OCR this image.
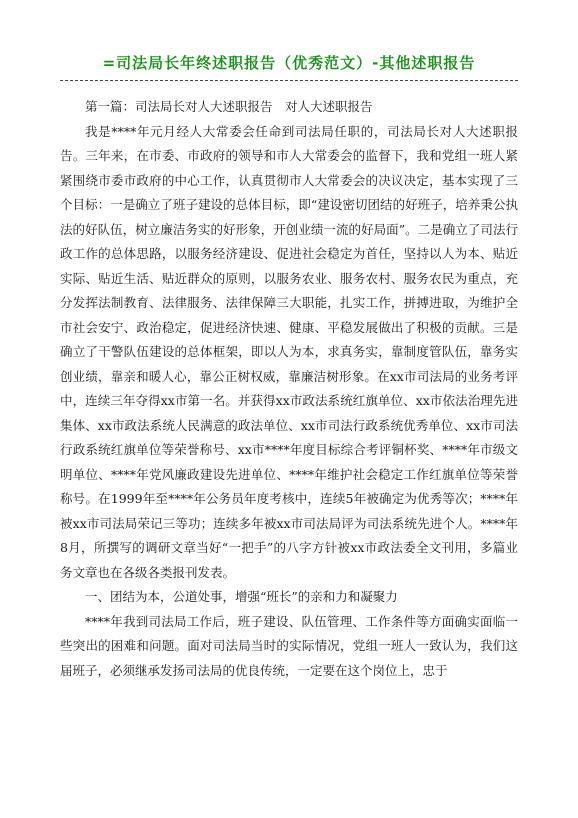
=司法局长年终述职报告（优秀范文）-其他述职报告

第一篇：司法局长对人大述职报告　对人大述职报告

我是****年元月经人大常委会任命到司法局任职的，司法局长对人大述职报告。三年来，在市委、市政府的领导和市人大常委会的监督下，我和党组一班人紧紧围绕市委市政府的中心工作，认真贯彻市人大常委会的决议决定，基本实现了三个目标：一是确立了班子建设的总体目标，即“建设密切团结的好班子，培养秉公执法的好队伍，树立廉洁务实的好形象，开创业绩一流的好局面”。二是确立了司法行政工作的总体思路，以服务经济建设、促进社会稳定为首任，坚持以人为本、贴近实际、贴近生活、贴近群众的原则，以服务农业、服务农村、服务农民为重点，充分发挥法制教育、法律服务、法律保障三大职能，扎实工作，拼搏进取，为维护全市社会安宁、政治稳定，促进经济快速、健康、平稳发展做出了积极的贡献。三是确立了干警队伍建设的总体框架，即以人为本，求真务实，靠制度管队伍，靠务实创业绩，靠亲和暖人心，靠公正树权威，靠廉洁树形象。在xx市司法局的业务考评中，连续三年夺得xx市第一名。并获得xx市政法系统红旗单位、xx市依法治理先进集体、xx市政法系统人民满意的政法单位、xx市司法行政系统优秀单位、xx市司法行政系统红旗单位等荣誉称号、xx市****年度目标综合考评铜杯奖、****年市级文明单位、****年党风廉政建设先进单位、****年维护社会稳定工作红旗单位等荣誉称号。在1999年至****年公务员年度考核中，连续5年被确定为优秀等次；****年被xx市司法局荣记三等功；连续多年被xx市司法局评为司法系统先进个人。****年8月，所撰写的调研文章当好“一把手”的八字方针被xx市政法委全文刊用，多篇业务文章也在各级各类报刊发表。

一、团结为本，公道处事，增强“班长”的亲和力和凝聚力

****年我到司法局工作后，班子建设、队伍管理、工作条件等方面确实面临一些突出的困难和问题。面对司法局当时的实际情况，党组一班人一致认为，我们这届班子，必须继承发扬司法局的优良传统，一定要在这个岗位上，忠于
